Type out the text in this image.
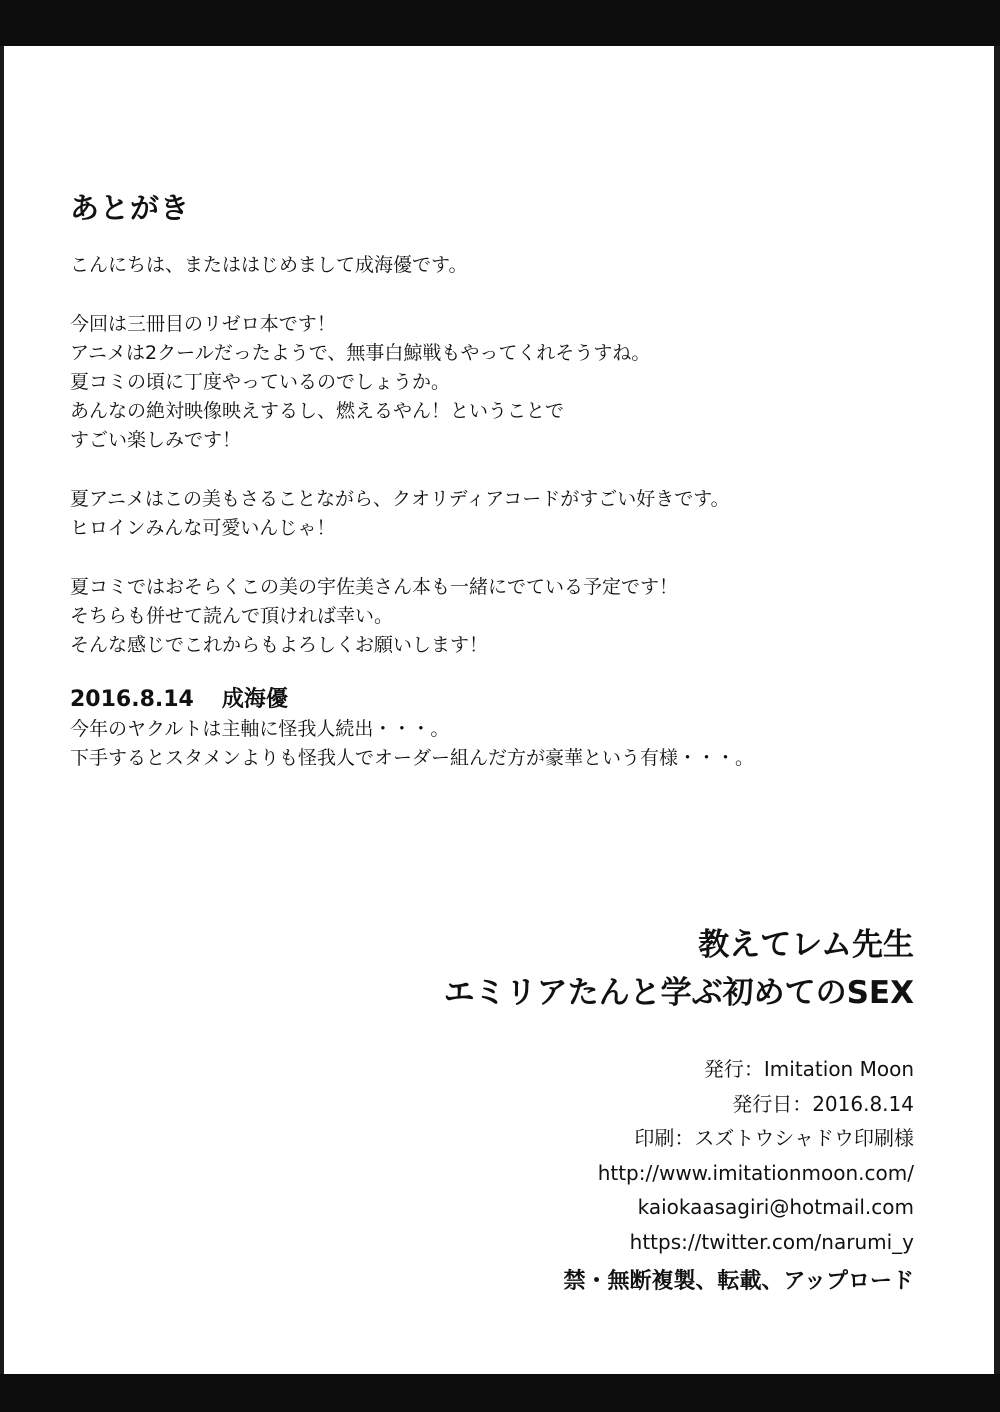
あとがき
こんにちは、またははじめまして成海優です。
今回は三冊目のリゼロ本です！
アニメは2クールだったようで、無事白鯨戦もやってくれそうすね。
夏コミの頃に丁度やっているのでしょうか。
あんなの絶対映像映えするし、燃えるやん！ということで
すごい楽しみです！
夏アニメはこの美もさることながら、クオリディアコードがすごい好きです。
ヒロインみんな可愛いんじゃ！
夏コミではおそらくこの美の宇佐美さん本も一緒にでている予定です！
そちらも併せて読んで頂ければ幸い。
そんな感じでこれからもよろしくお願いします！
2016.8.14 成海優
今年のヤクルトは主軸に怪我人続出・・・。
下手するとスタメンよりも怪我人でオーダー組んだ方が豪華という有様・・・。
教えてレム先生
エミリアたんと学ぶ初めてのSEX
発行：Imitation Moon
発行日：2016.8.14
印刷：スズトウシャドウ印刷様
http://www.imitationmoon.com/
kaiokaasagiri@hotmail.com
https://twitter.com/narumi_y
禁・無断複製、転載、アップロード
